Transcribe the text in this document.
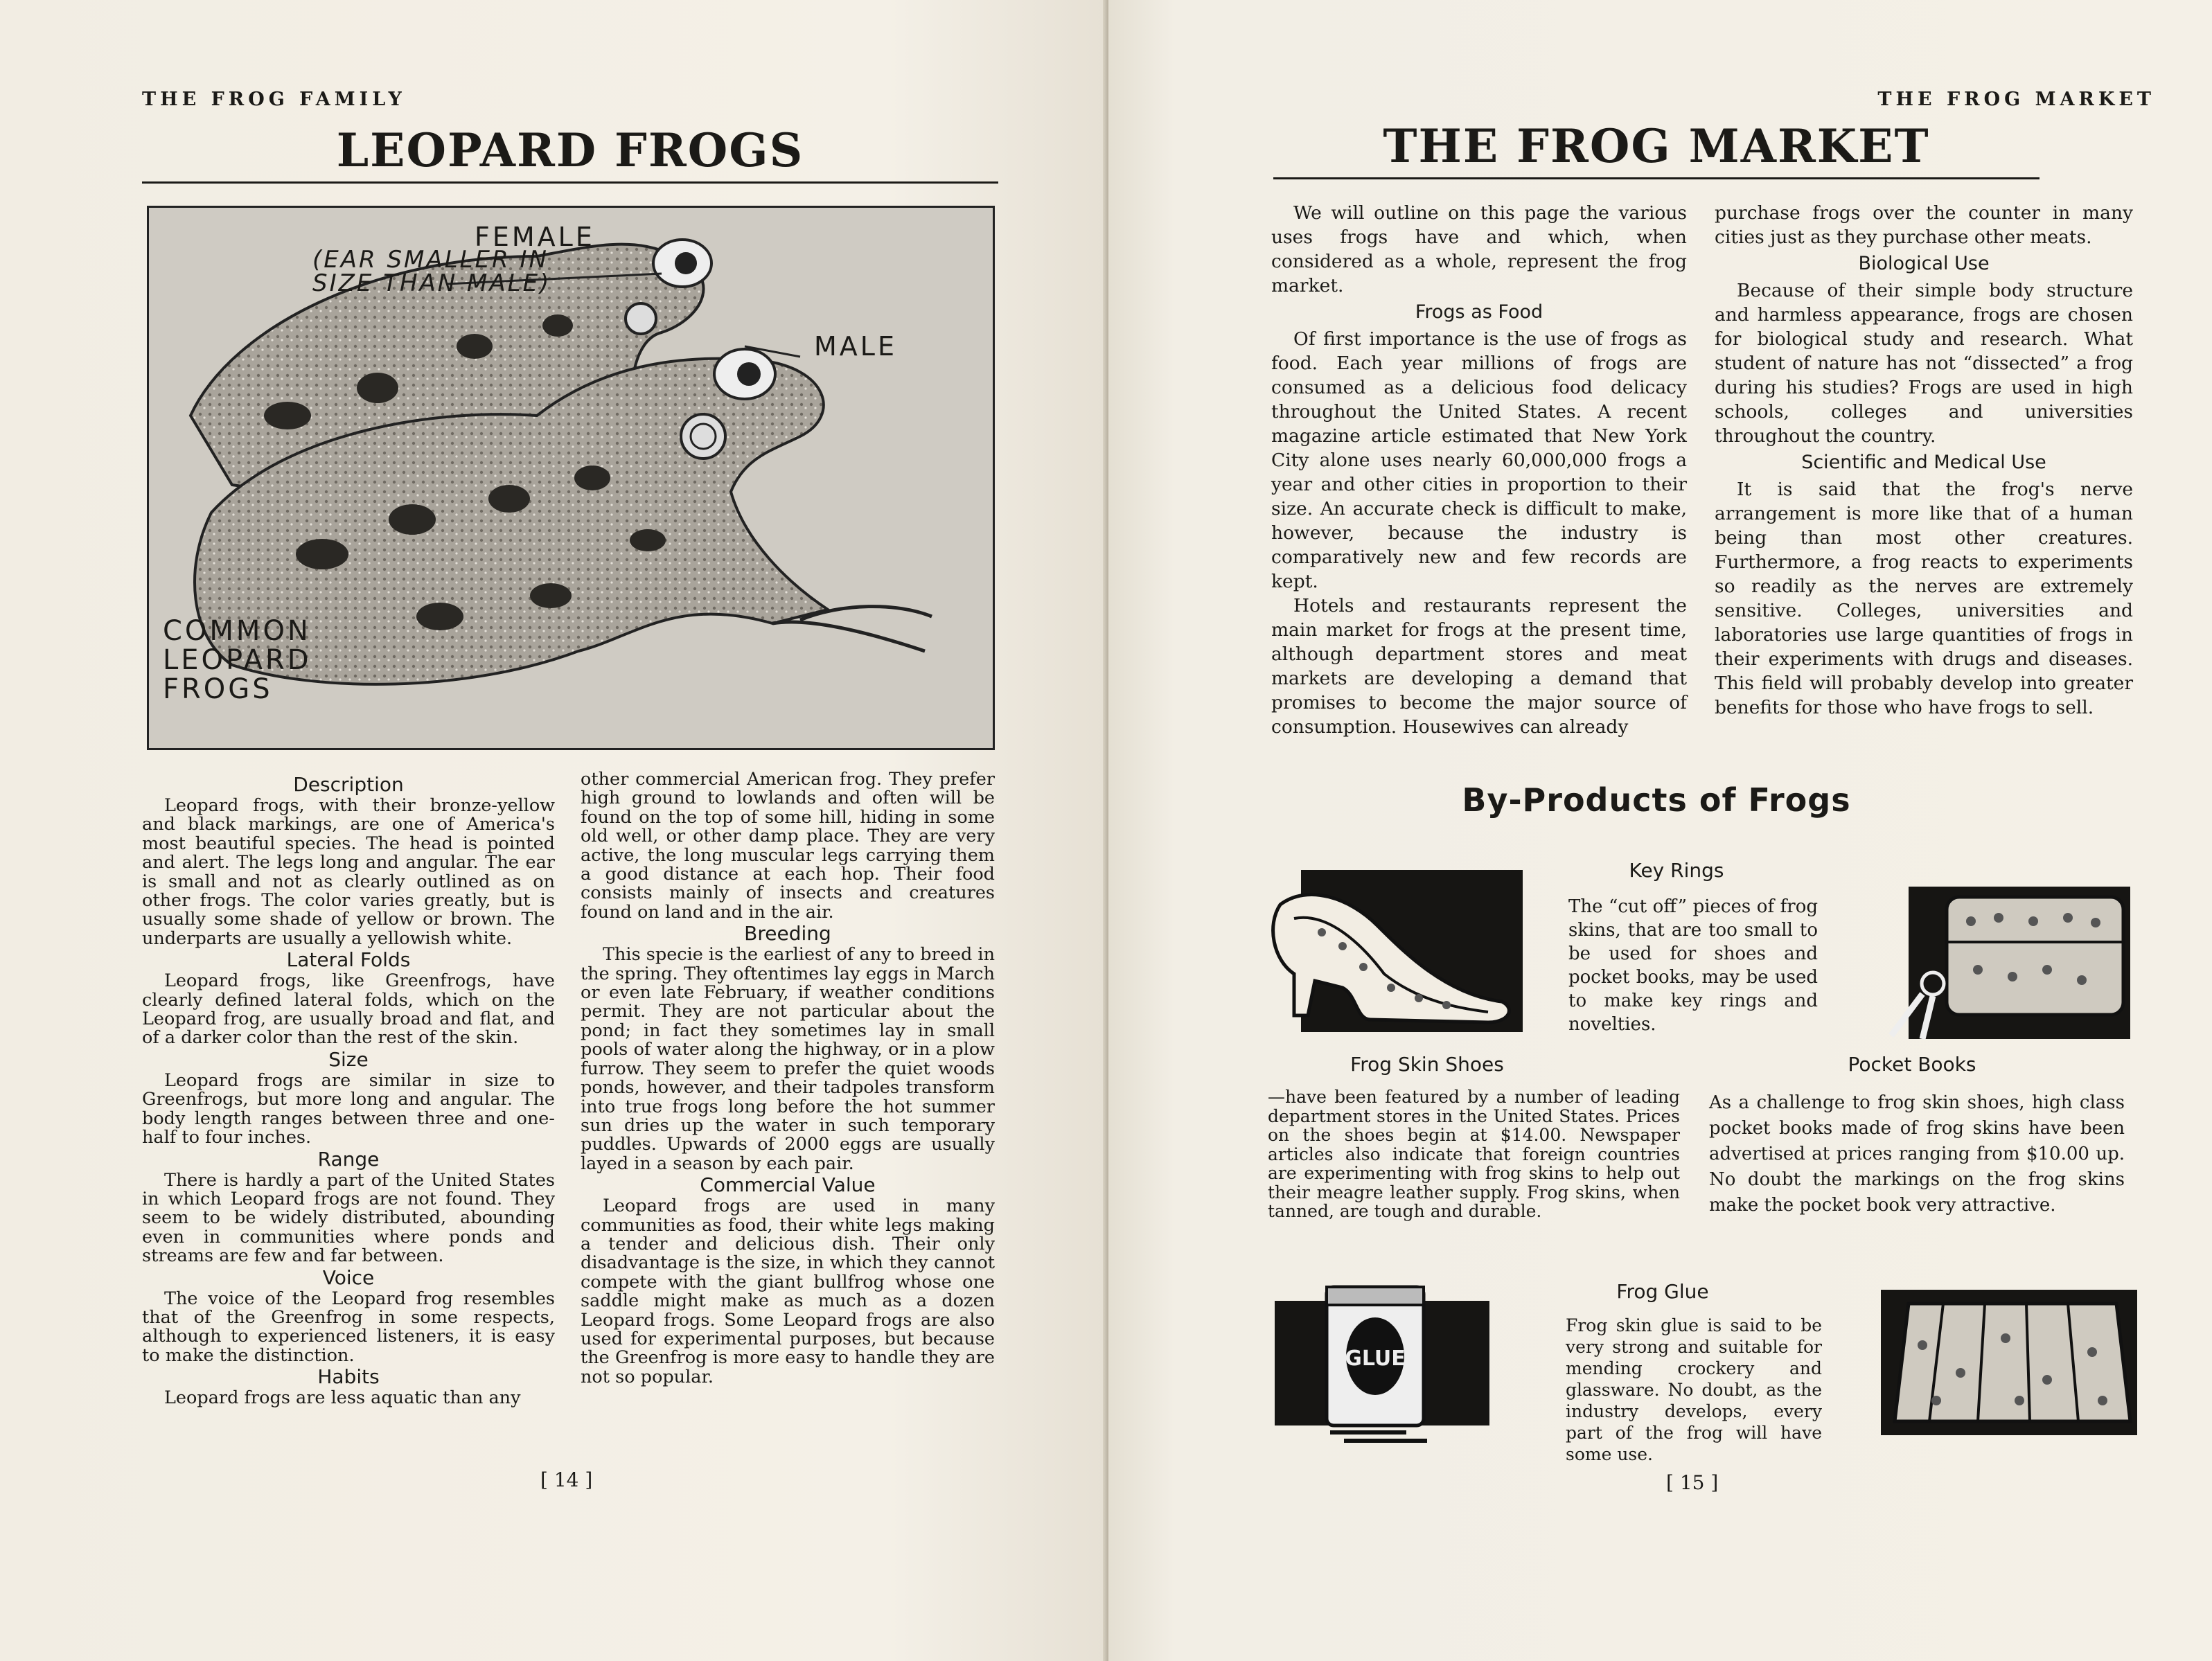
THE FROG FAMILY
LEOPARD FROGS
FEMALE
(EAR SMALLER IN
SIZE THAN MALE)
MALE
COMMON
LEOPARD
FROGS
Description

Leopard frogs, with their bronze-yellow and black markings, are one of America's most beautiful species. The head is pointed and alert. The legs long and angular. The ear is small and not as clearly outlined as on other frogs. The color varies greatly, but is usually some shade of yellow or brown. The underparts are usually a yellowish white.

Lateral Folds

Leopard frogs, like Greenfrogs, have clearly defined lateral folds, which on the Leopard frog, are usually broad and flat, and of a darker color than the rest of the skin.

Size

Leopard frogs are similar in size to Greenfrogs, but more long and angular. The body length ranges between three and one-half to four inches.

Range

There is hardly a part of the United States in which Leopard frogs are not found. They seem to be widely distributed, abounding even in communities where ponds and streams are few and far between.

Voice

The voice of the Leopard frog resembles that of the Greenfrog in some respects, although to experienced listeners, it is easy to make the distinction.

Habits

Leopard frogs are less aquatic than any

other commercial American frog. They prefer high ground to lowlands and often will be found on the top of some hill, hiding in some old well, or other damp place. They are very active, the long muscular legs carrying them a good distance at each hop. Their food consists mainly of insects and creatures found on land and in the air.

Breeding

This specie is the earliest of any to breed in the spring. They oftentimes lay eggs in March or even late February, if weather conditions permit. They are not particular about the pond; in fact they sometimes lay in small pools of water along the highway, or in a plow furrow. They seem to prefer the quiet woods ponds, however, and their tadpoles transform into true frogs long before the hot summer sun dries up the water in such temporary puddles. Upwards of 2000 eggs are usually layed in a season by each pair.

Commercial Value

Leopard frogs are used in many communities as food, their white legs making a tender and delicious dish. Their only disadvantage is the size, in which they cannot compete with the giant bullfrog whose one saddle might make as much as a dozen Leopard frogs. Some Leopard frogs are also used for experimental purposes, but because the Greenfrog is more easy to handle they are not so popular.

[ 14 ]
THE FROG MARKET
THE FROG MARKET

We will outline on this page the various uses frogs have and which, when considered as a whole, represent the frog market.

Frogs as Food

Of first importance is the use of frogs as food. Each year millions of frogs are consumed as a delicious food delicacy throughout the United States. A recent magazine article estimated that New York City alone uses nearly 60,000,000 frogs a year and other cities in proportion to their size. An accurate check is difficult to make, however, because the industry is comparatively new and few records are kept.

Hotels and restaurants represent the main market for frogs at the present time, although department stores and meat markets are developing a demand that promises to become the major source of consumption. Housewives can already

purchase frogs over the counter in many cities just as they purchase other meats.

Biological Use

Because of their simple body structure and harmless appearance, frogs are chosen for biological study and research. What student of nature has not “dissected” a frog during his studies? Frogs are used in high schools, colleges and universities throughout the country.

Scientific and Medical Use

It is said that the frog's nerve arrangement is more like that of a human being than most other creatures. Furthermore, a frog reacts to experiments so readily as the nerves are extremely sensitive. Colleges, universities and laboratories use large quantities of frogs in their experiments with drugs and diseases. This field will probably develop into greater benefits for those who have frogs to sell.

By-Products of Frogs
Key Rings

The “cut off” pieces of frog skins, that are too small to be used for shoes and pocket books, may be used to make key rings and novelties.

Frog Skin Shoes	Pocket Books

—have been featured by a number of leading department stores in the United States. Prices on the shoes begin at $14.00. Newspaper articles also indicate that foreign countries are experimenting with frog skins to help out their meagre leather supply. Frog skins, when tanned, are tough and durable.

As a challenge to frog skin shoes, high class pocket books made of frog skins have been advertised at prices ranging from $10.00 up. No doubt the markings on the frog skins make the pocket book very attractive.

GLUE
Frog Glue

Frog skin glue is said to be very strong and suitable for mending crockery and glassware. No doubt, as the industry develops, every part of the frog will have some use.

[ 15 ]
